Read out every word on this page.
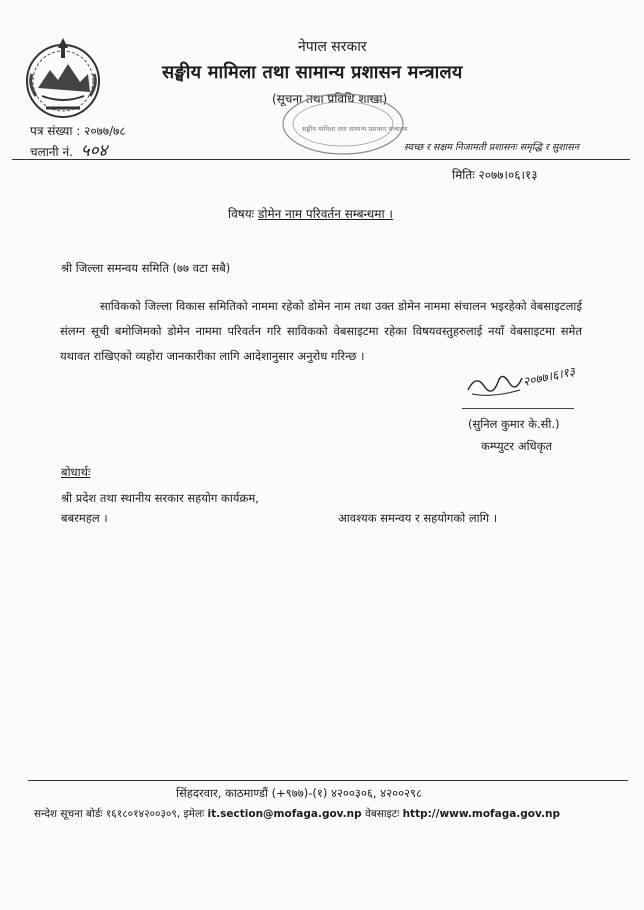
नेपाल सरकार
सङ्घीय मामिला तथा सामान्य प्रशासन मन्त्रालय
(सूचना तथा प्रविधि शाखा)
सङ्घीय मामिला तथा सामान्य प्रशासन मन्त्रालय
पत्र संख्या : २०७७/७८
चलानी नं. ५०४	स्वच्छ र सक्षम निजामती प्रशासनः समृद्धि र सुशासन
मितिः २०७७।०६।१३
विषयः डोमेन नाम परिवर्तन सम्बन्धमा ।
श्री जिल्ला समन्वय समिति (७७ वटा सबै)
साविकको जिल्ला विकास समितिको नाममा रहेको डोमेन नाम तथा उक्त डोमेन नाममा संचालन भइरहेको वेबसाइटलाई संलग्न सूची बमोजिमको डोमेन नाममा परिवर्तन गरि साविकको वेबसाइटमा रहेका विषयवस्तुहरुलाई नयाँ वेबसाइटमा समेत यथावत राखिएको व्यहोरा जानकारीका लागि आदेशानुसार अनुरोध गरिन्छ ।
२०७७।६।१३
(सुनिल कुमार के.सी.)
कम्प्युटर अधिकृत
बोधार्थः
श्री प्रदेश तथा स्थानीय सरकार सहयोग कार्यक्रम,
बबरमहल ।	आवश्यक समन्वय र सहयोगको लागि ।
सिंहदरवार, काठमाण्डौं (+९७७)-(१) ४२००३०६, ४२००२९८
सन्देश सूचना बोर्डः १६१८०१४२००३०९, इमेलः it.section@mofaga.gov.np वेबसाइटः http://www.mofaga.gov.np
